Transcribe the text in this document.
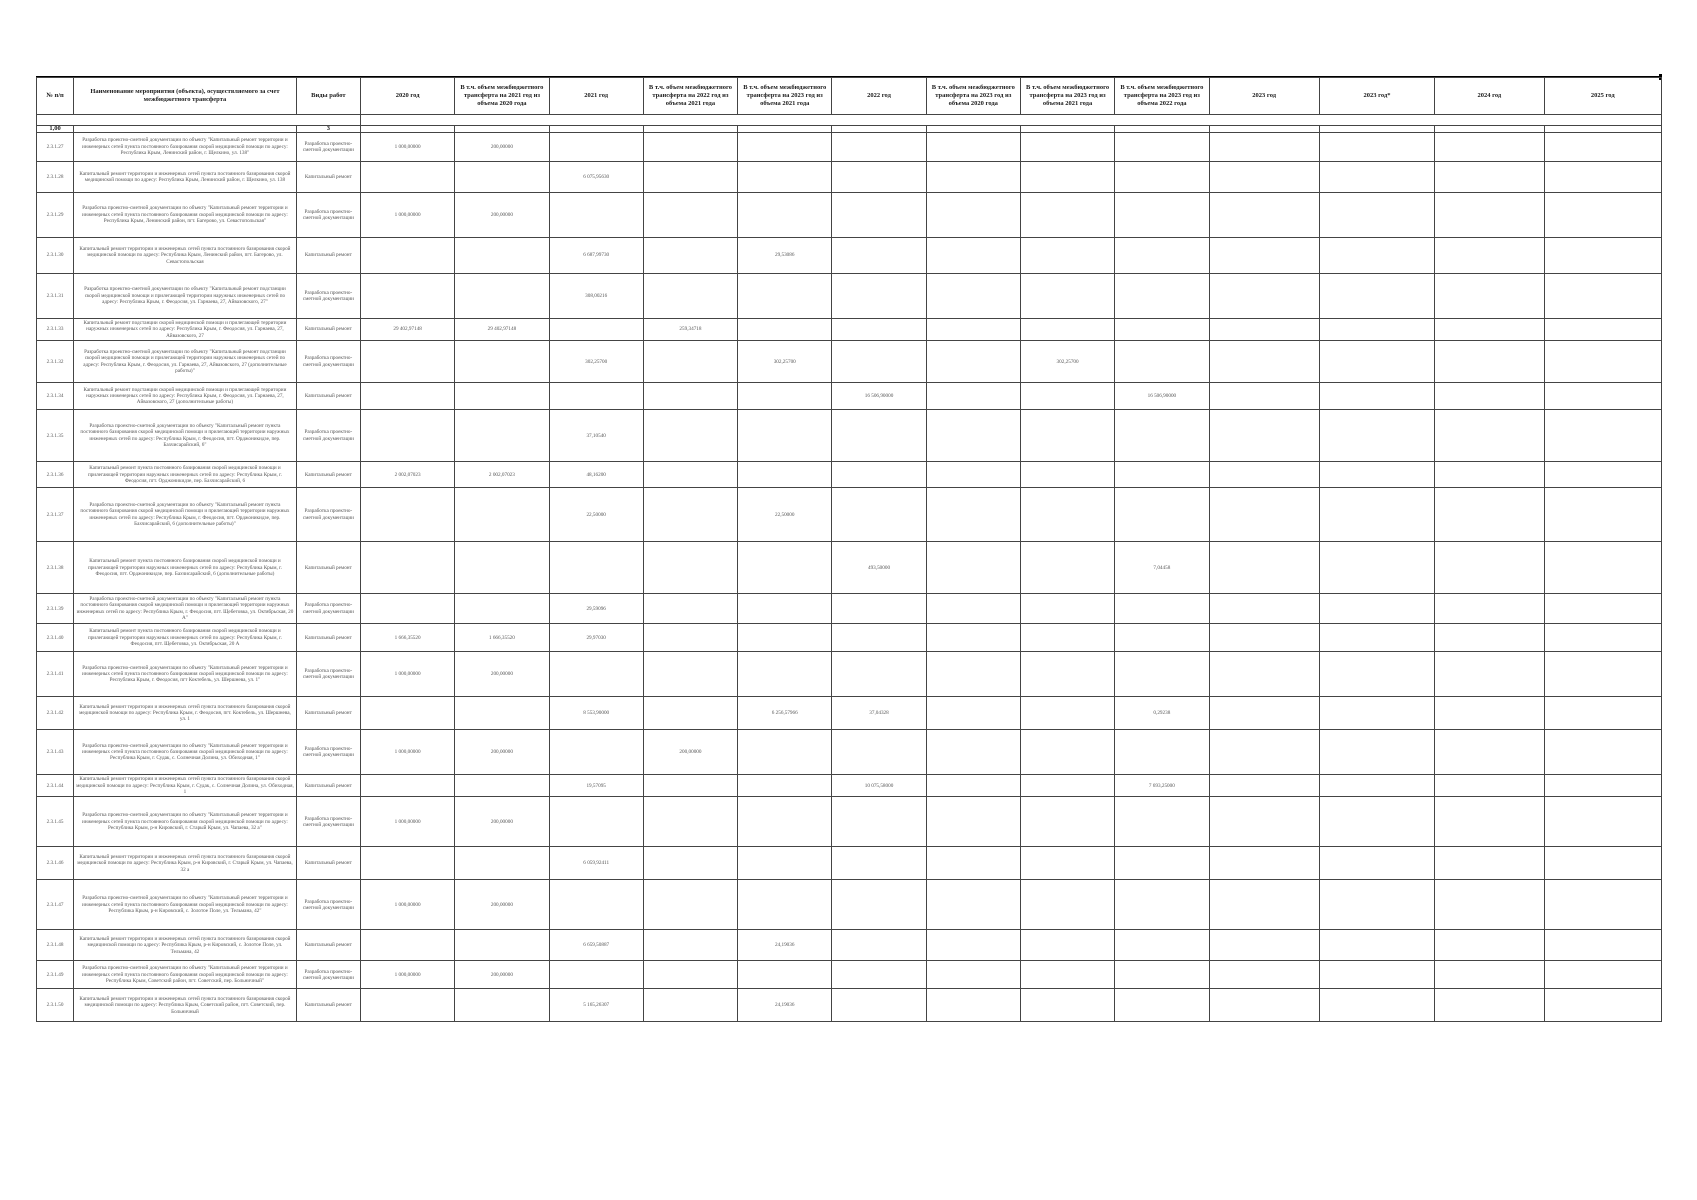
№ п/п	Наименование мероприятия (объекта), осуществляемого за счет межбюджетного трансферта	Виды работ	2020 год	В т.ч. объем межбюджетного трансферта на 2021 год из объема 2020 года	2021 год	В т.ч. объем межбюджетного трансферта на 2022 год из объема 2021 года	В т.ч. объем межбюджетного трансферта на 2023 год из объема 2021 года	2022 год	В т.ч. объем межбюджетного трансферта на 2023 год из объема 2020 года	В т.ч. объем межбюджетного трансферта на 2023 год из объема 2021 года	В т.ч. объем межбюджетного трансферта на 2023 год из объема 2022 года	2023 год	2023 год*	2024 год	2025 год
1,00		3													
2.3.1.27	Разработка проектно-сметной документации по объекту "Капитальный ремонт территории и инженерных сетей пункта постоянного базирования скорой медицинской помощи по адресу: Республика Крым, Ленинский район, г. Щелкино, ул. 138"	Разработка проектно-сметной документации	1 000,00000	200,00000											
2.3.1.28	Капитальный ремонт территории и инженерных сетей пункта постоянного базирования скорой медицинской помощи по адресу: Республика Крым, Ленинский район, г. Щелкино, ул. 138	Капитальный ремонт			6 075,95630										
2.3.1.29	Разработка проектно-сметной документации по объекту "Капитальный ремонт территории и инженерных сетей пункта постоянного базирования скорой медицинской помощи по адресу: Республика Крым, Ленинский район, пгт. Багерово, ул. Севастопольская"	Разработка проектно-сметной документации	1 000,00000	200,00000											
2.3.1.30	Капитальный ремонт территории и инженерных сетей пункта постоянного базирования скорой медицинской помощи по адресу: Республика Крым, Ленинский район, пгт. Багерово, ул. Севастопольская	Капитальный ремонт			6 687,99730		29,53086								
2.3.1.31	Разработка проектно-сметной документации по объекту "Капитальный ремонт подстанции скорой медицинской помощи и прилегающей территории наружных инженерных сетей по адресу: Республика Крым, г. Феодосия, ул. Гарнаева, 27, Айвазовского, 27"	Разработка проектно-сметной документации			308,00216										
2.3.1.33	Капитальный ремонт подстанции скорой медицинской помощи и прилегающей территории наружных инженерных сетей по адресу: Республика Крым, г. Феодосия, ул. Гарнаева, 27, Айвазовского, 27	Капитальный ремонт	29 402,97148	29 402,97148		259,34718									
2.3.1.32	Разработка проектно-сметной документации по объекту "Капитальный ремонт подстанции скорой медицинской помощи и прилегающей территории наружных инженерных сетей по адресу: Республика Крым, г. Феодосия, ул. Гарнаева, 27, Айвазовского, 27 (дополнительные работы)"	Разработка проектно-сметной документации			302,25700		302,25700			302,25700					
2.3.1.34	Капитальный ремонт подстанции скорой медицинской помощи и прилегающей территории наружных инженерных сетей по адресу: Республика Крым, г. Феодосия, ул. Гарнаева, 27, Айвазовского, 27 (дополнительные работы)	Капитальный ремонт						16 506,90000			16 506,90000				
2.3.1.35	Разработка проектно-сметной документации по объекту "Капитальный ремонт пункта постоянного базирования скорой медицинской помощи и прилегающей территории наружных инженерных сетей по адресу: Республика Крым, г. Феодосия, пгт. Орджоникидзе, пер. Бахчисарайский, 6"	Разработка проектно-сметной документации			37,10540										
2.3.1.36	Капитальный ремонт пункта постоянного базирования скорой медицинской помощи и прилегающей территории наружных инженерных сетей по адресу: Республика Крым, г. Феодосия, пгт. Орджоникидзе, пер. Бахчисарайский, 6	Капитальный ремонт	2 002,07023	2 002,07023	48,16200										
2.3.1.37	Разработка проектно-сметной документации по объекту "Капитальный ремонт пункта постоянного базирования скорой медицинской помощи и прилегающей территории наружных инженерных сетей по адресу: Республика Крым, г. Феодосия, пгт. Орджоникидзе, пер. Бахчисарайский, 6 (дополнительные работы)"	Разработка проектно-сметной документации			22,50000		22,50000								
2.3.1.38	Капитальный ремонт пункта постоянного базирования скорой медицинской помощи и прилегающей территории наружных инженерных сетей по адресу: Республика Крым, г. Феодосия, пгт. Орджоникидзе, пер. Бахчисарайский, 6 (дополнительные работы)	Капитальный ремонт						493,50000			7,04458				
2.3.1.39	Разработка проектно-сметной документации по объекту "Капитальный ремонт пункта постоянного базирования скорой медицинской помощи и прилегающей территории наружных инженерных сетей по адресу: Республика Крым, г. Феодосия, пгт. Щебетовка, ул. Октябрьская, 20 А"	Разработка проектно-сметной документации			29,59096										
2.3.1.40	Капитальный ремонт пункта постоянного базирования скорой медицинской помощи и прилегающей территории наружных инженерных сетей по адресу: Республика Крым, г. Феодосия, пгт. Щебетовка, ул. Октябрьская, 20 А	Капитальный ремонт	1 666,35520	1 666,35520	29,97030										
2.3.1.41	Разработка проектно-сметной документации по объекту "Капитальный ремонт территории и инженерных сетей пункта постоянного базирования скорой медицинской помощи по адресу: Республика Крым, г. Феодосия, пгт Коктебель, ул. Шершнева, ул. 1"	Разработка проектно-сметной документации	1 000,00000	200,00000											
2.3.1.42	Капитальный ремонт территории и инженерных сетей пункта постоянного базирования скорой медицинской помощи по адресу: Республика Крым, г. Феодосия, пгт. Коктебель, ул. Шершнева, ул. 1	Капитальный ремонт			8 553,90000		6 256,57966	37,04328			0,29238				
2.3.1.43	Разработка проектно-сметной документации по объекту "Капитальный ремонт территории и инженерных сетей пункта постоянного базирования скорой медицинской помощи по адресу: Республика Крым, г. Судак, с. Солнечная Долина, ул. Обиходная, 1"	Разработка проектно-сметной документации	1 000,00000	200,00000		200,00000									
2.3.1.44	Капитальный ремонт территории и инженерных сетей пункта постоянного базирования скорой медицинской помощи по адресу: Республика Крым, г. Судак, с. Солнечная Долина, ул. Обиходная, 1	Капитальный ремонт			19,57095			10 075,58000			7 693,25000				
2.3.1.45	Разработка проектно-сметной документации по объекту "Капитальный ремонт территории и инженерных сетей пункта постоянного базирования скорой медицинской помощи по адресу: Республика Крым, р-н Кировский, г. Старый Крым, ул. Чапаева, 32 а"	Разработка проектно-сметной документации	1 000,00000	200,00000											
2.3.1.46	Капитальный ремонт территории и инженерных сетей пункта постоянного базирования скорой медицинской помощи по адресу: Республика Крым, р-н Кировский, г. Старый Крым, ул. Чапаева, 32 а	Капитальный ремонт			6 059,92411										
2.3.1.47	Разработка проектно-сметной документации по объекту "Капитальный ремонт территории и инженерных сетей пункта постоянного базирования скорой медицинской помощи по адресу: Республика Крым, р-н Кировский, с. Золотое Поле, ул. Тельмана, 42"	Разработка проектно-сметной документации	1 000,00000	200,00000											
2.3.1.48	Капитальный ремонт территории и инженерных сетей пункта постоянного базирования скорой медицинской помощи по адресу: Республика Крым, р-н Кировский, с. Золотое Поле, ул. Тельмана, 42	Капитальный ремонт			6 659,50887		24,19036								
2.3.1.49	Разработка проектно-сметной документации по объекту "Капитальный ремонт территории и инженерных сетей пункта постоянного базирования скорой медицинской помощи по адресу: Республика Крым, Советский район, пгт. Советский, пер. Больничный"	Разработка проектно-сметной документации	1 000,00000	200,00000											
2.3.1.50	Капитальный ремонт территории и инженерных сетей пункта постоянного базирования скорой медицинской помощи по адресу: Республика Крым, Советский район, пгт. Советский, пер. Больничный	Капитальный ремонт			5 165,26307		24,19036								
